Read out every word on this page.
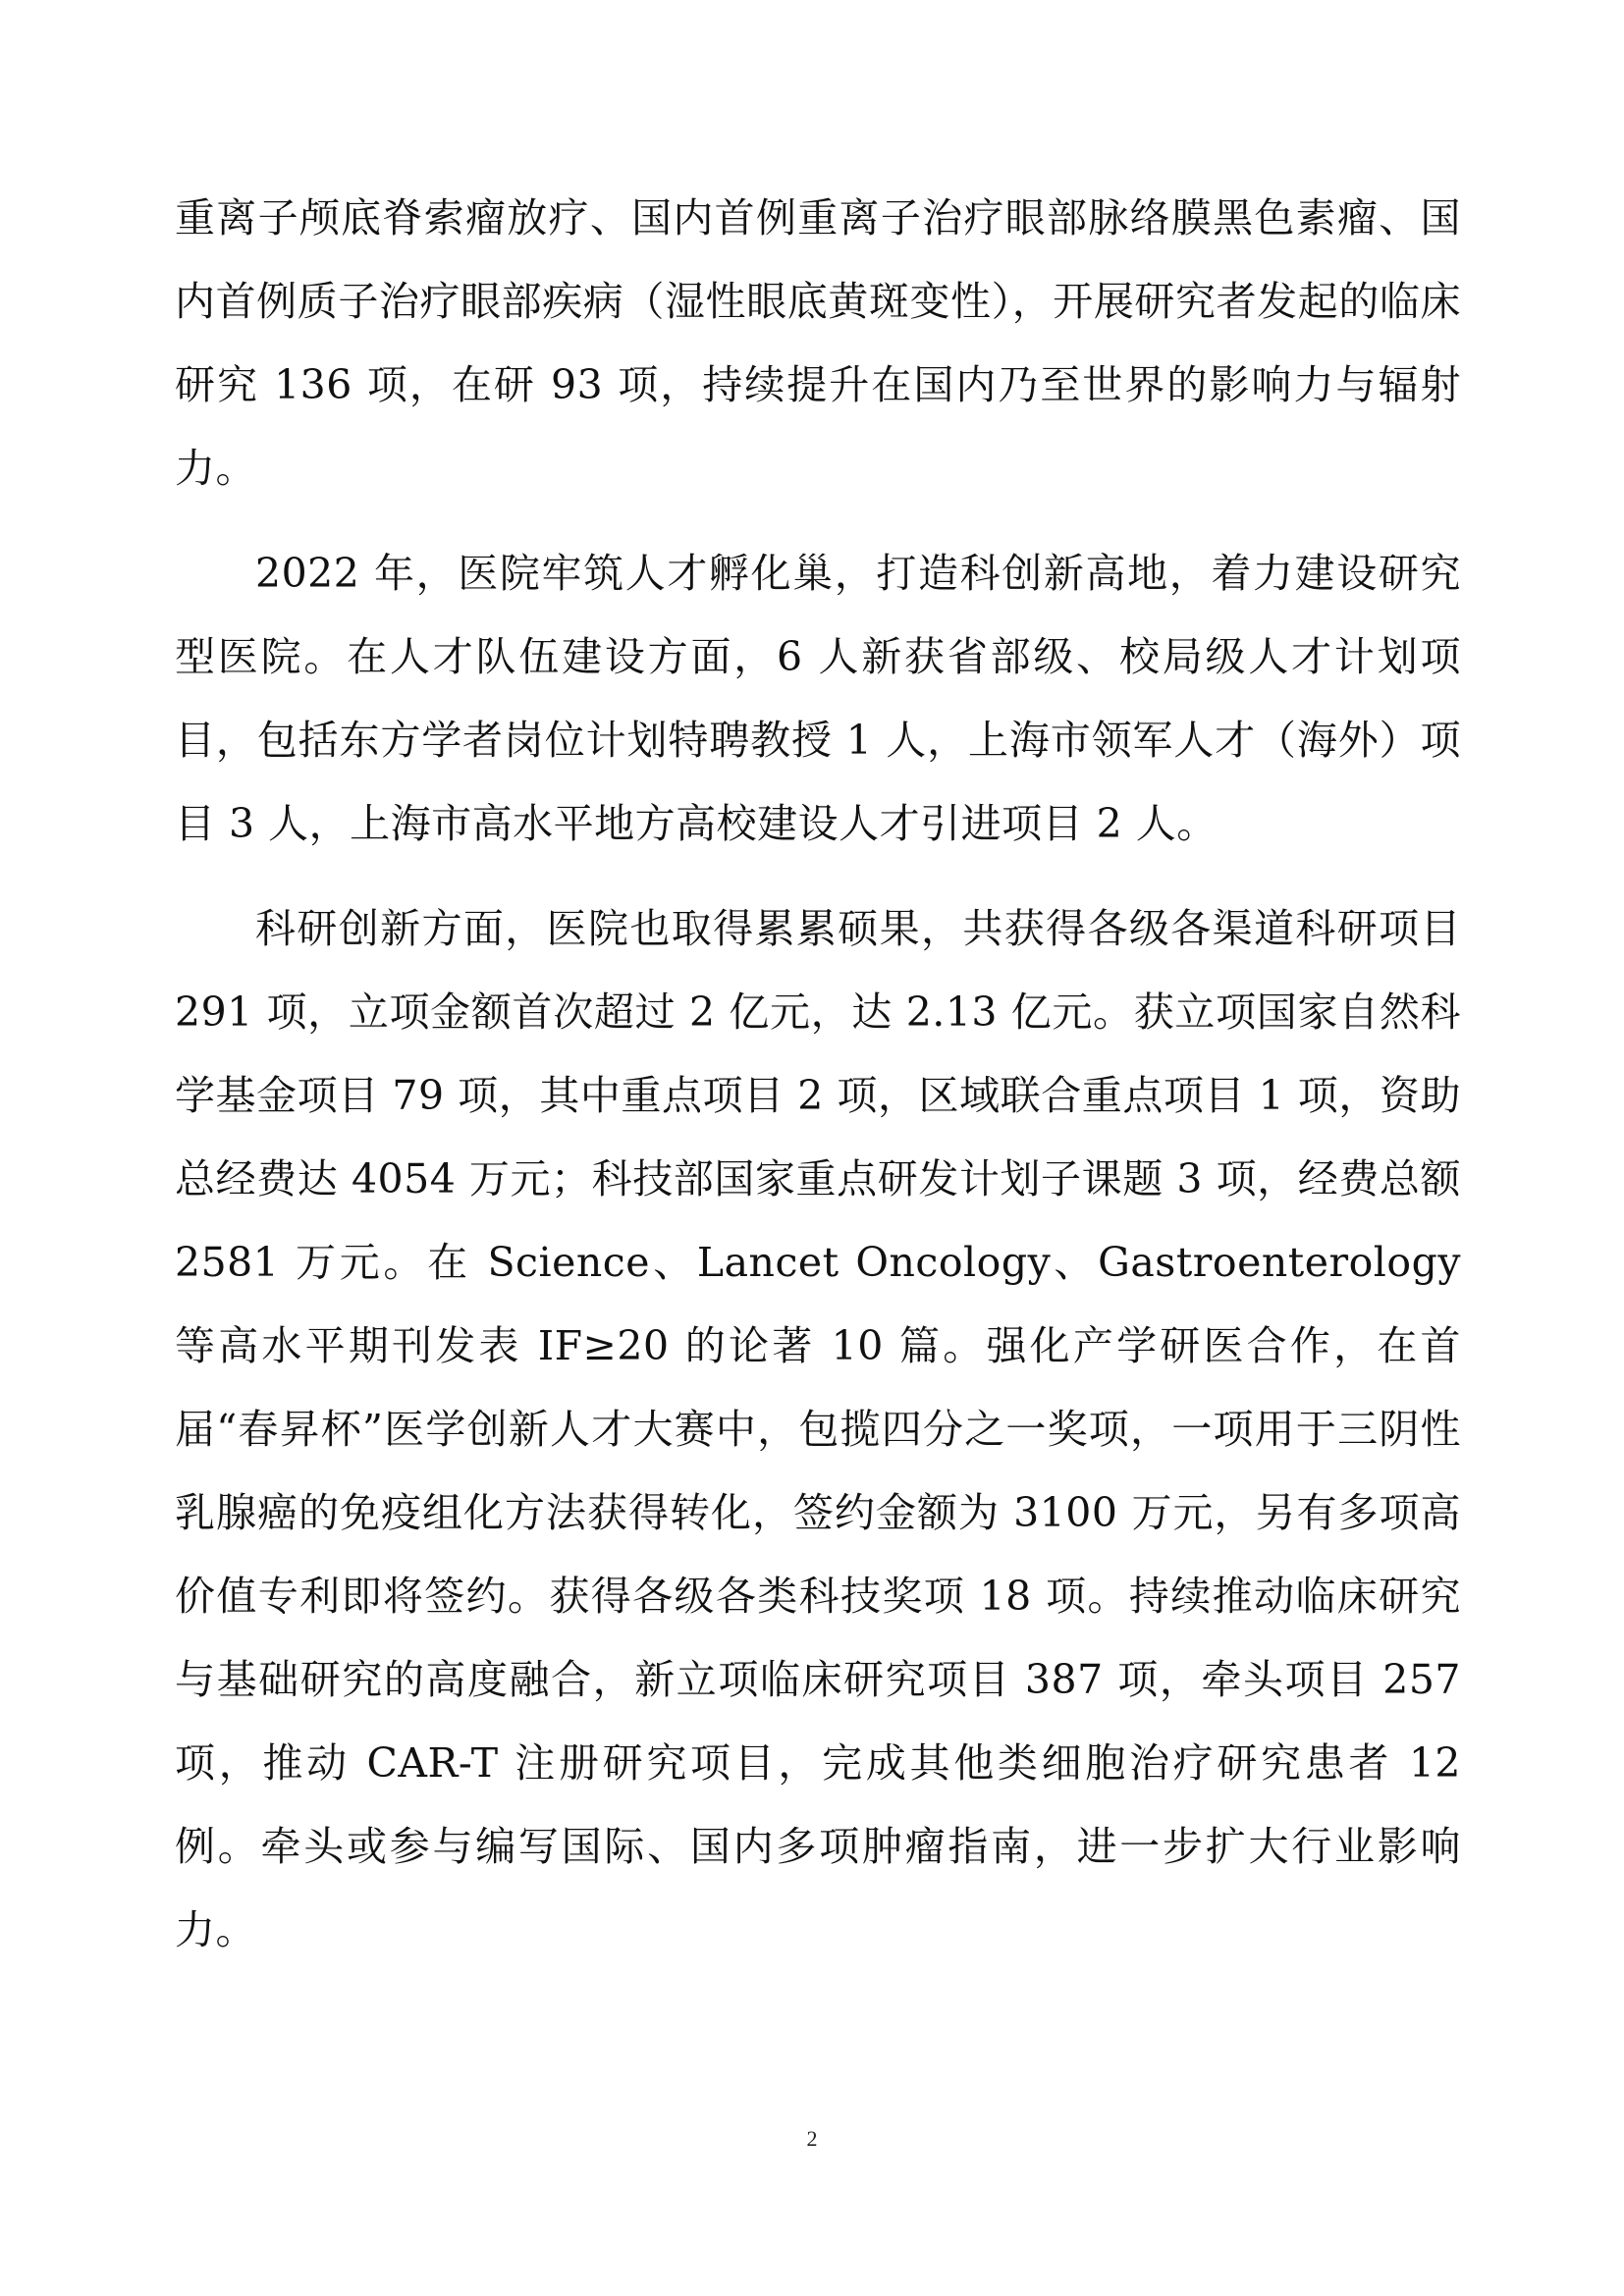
重离子颅底脊索瘤放疗、国内首例重离子治疗眼部脉络膜黑色素瘤、国内首例质子治疗眼部疾病（湿性眼底黄斑变性），开展研究者发起的临床研究 136 项，在研 93 项，持续提升在国内乃至世界的影响力与辐射力。

2022 年，医院牢筑人才孵化巢，打造科创新高地，着力建设研究型医院。在人才队伍建设方面，6 人新获省部级、校局级人才计划项目，包括东方学者岗位计划特聘教授 1 人，上海市领军人才（海外）项目 3 人，上海市高水平地方高校建设人才引进项目 2 人。

科研创新方面，医院也取得累累硕果，共获得各级各渠道科研项目 291 项，立项金额首次超过 2 亿元，达 2.13 亿元。获立项国家自然科学基金项目 79 项，其中重点项目 2 项，区域联合重点项目 1 项，资助总经费达 4054 万元；科技部国家重点研发计划子课题 3 项，经费总额 2581 万元。在 Science、Lancet Oncology、Gastroenterology 等高水平期刊发表 IF≥20 的论著 10 篇。强化产学研医合作，在首届“春昇杯”医学创新人才大赛中，包揽四分之一奖项，一项用于三阴性乳腺癌的免疫组化方法获得转化，签约金额为 3100 万元，另有多项高价值专利即将签约。获得各级各类科技奖项 18 项。持续推动临床研究与基础研究的高度融合，新立项临床研究项目 387 项，牵头项目 257 项，推动 CAR-T 注册研究项目，完成其他类细胞治疗研究患者 12 例。牵头或参与编写国际、国内多项肿瘤指南，进一步扩大行业影响力。

2
